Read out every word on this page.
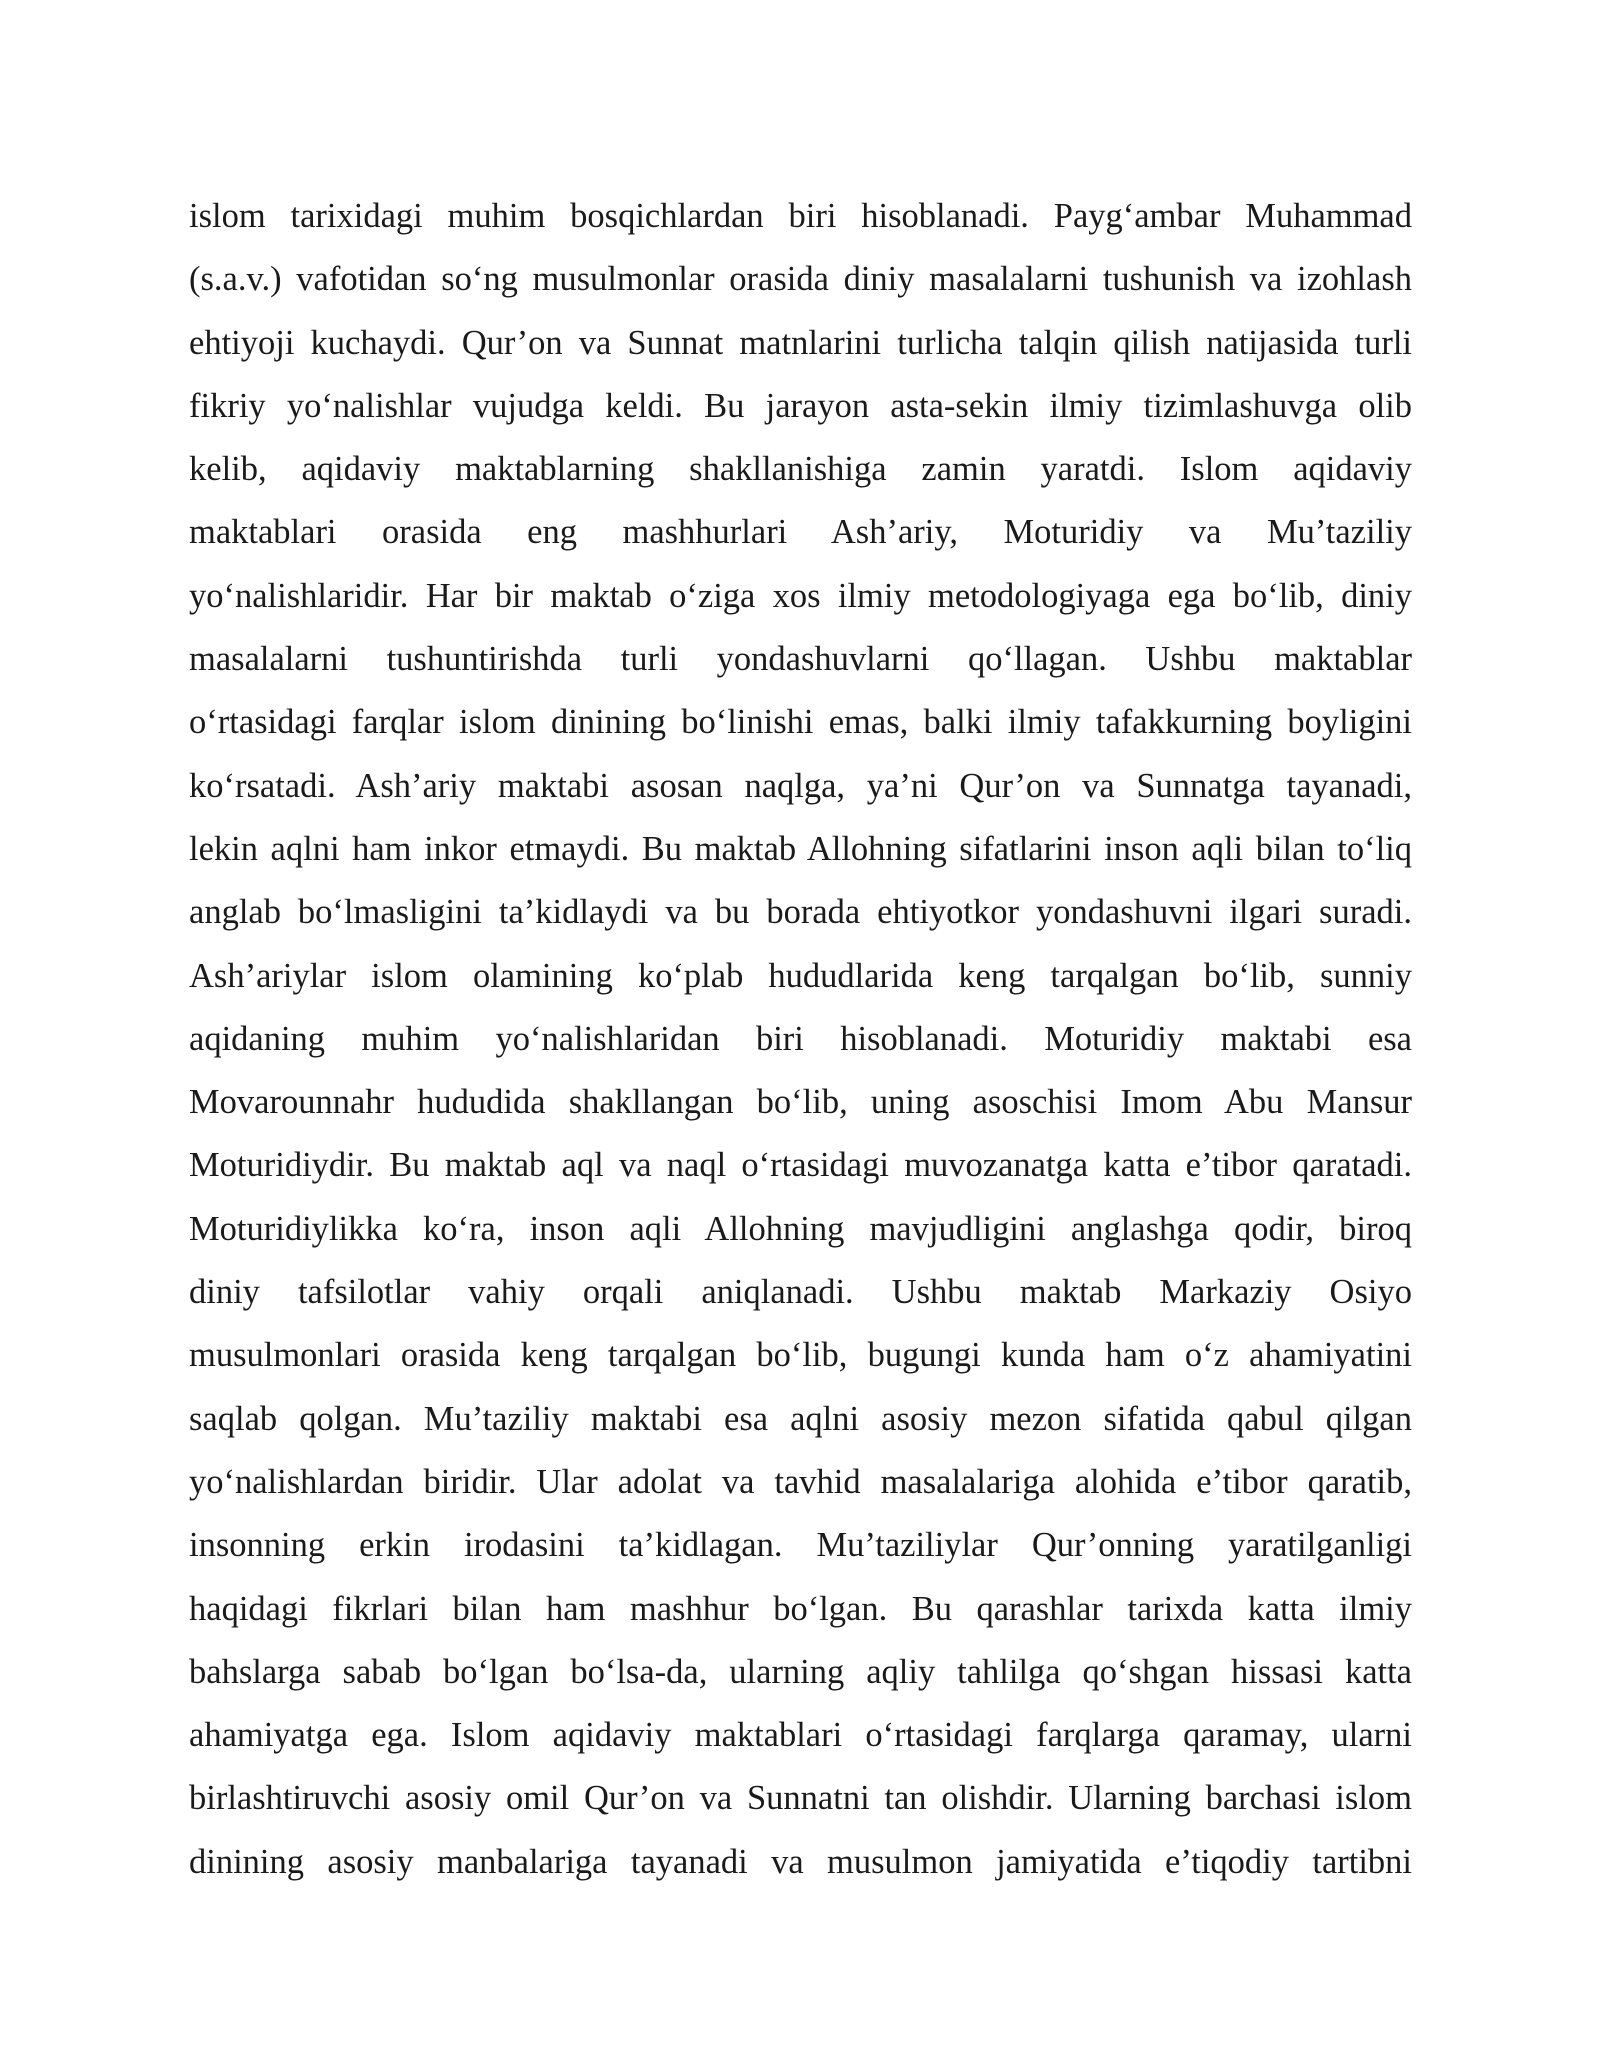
islom tarixidagi muhim bosqichlardan biri hisoblanadi. Payg‘ambar Muhammad
(s.a.v.) vafotidan so‘ng musulmonlar orasida diniy masalalarni tushunish va izohlash
ehtiyoji kuchaydi. Qur’on va Sunnat matnlarini turlicha talqin qilish natijasida turli
fikriy yo‘nalishlar vujudga keldi. Bu jarayon asta-sekin ilmiy tizimlashuvga olib
kelib, aqidaviy maktablarning shakllanishiga zamin yaratdi. Islom aqidaviy
maktablari orasida eng mashhurlari Ash’ariy, Moturidiy va Mu’taziliy
yo‘nalishlaridir. Har bir maktab o‘ziga xos ilmiy metodologiyaga ega bo‘lib, diniy
masalalarni tushuntirishda turli yondashuvlarni qo‘llagan. Ushbu maktablar
o‘rtasidagi farqlar islom dinining bo‘linishi emas, balki ilmiy tafakkurning boyligini
ko‘rsatadi. Ash’ariy maktabi asosan naqlga, ya’ni Qur’on va Sunnatga tayanadi,
lekin aqlni ham inkor etmaydi. Bu maktab Allohning sifatlarini inson aqli bilan to‘liq
anglab bo‘lmasligini ta’kidlaydi va bu borada ehtiyotkor yondashuvni ilgari suradi.
Ash’ariylar islom olamining ko‘plab hududlarida keng tarqalgan bo‘lib, sunniy
aqidaning muhim yo‘nalishlaridan biri hisoblanadi. Moturidiy maktabi esa
Movarounnahr hududida shakllangan bo‘lib, uning asoschisi Imom Abu Mansur
Moturidiydir. Bu maktab aql va naql o‘rtasidagi muvozanatga katta e’tibor qaratadi.
Moturidiylikka ko‘ra, inson aqli Allohning mavjudligini anglashga qodir, biroq
diniy tafsilotlar vahiy orqali aniqlanadi. Ushbu maktab Markaziy Osiyo
musulmonlari orasida keng tarqalgan bo‘lib, bugungi kunda ham o‘z ahamiyatini
saqlab qolgan. Mu’taziliy maktabi esa aqlni asosiy mezon sifatida qabul qilgan
yo‘nalishlardan biridir. Ular adolat va tavhid masalalariga alohida e’tibor qaratib,
insonning erkin irodasini ta’kidlagan. Mu’taziliylar Qur’onning yaratilganligi
haqidagi fikrlari bilan ham mashhur bo‘lgan. Bu qarashlar tarixda katta ilmiy
bahslarga sabab bo‘lgan bo‘lsa-da, ularning aqliy tahlilga qo‘shgan hissasi katta
ahamiyatga ega. Islom aqidaviy maktablari o‘rtasidagi farqlarga qaramay, ularni
birlashtiruvchi asosiy omil Qur’on va Sunnatni tan olishdir. Ularning barchasi islom
dinining asosiy manbalariga tayanadi va musulmon jamiyatida e’tiqodiy tartibni
